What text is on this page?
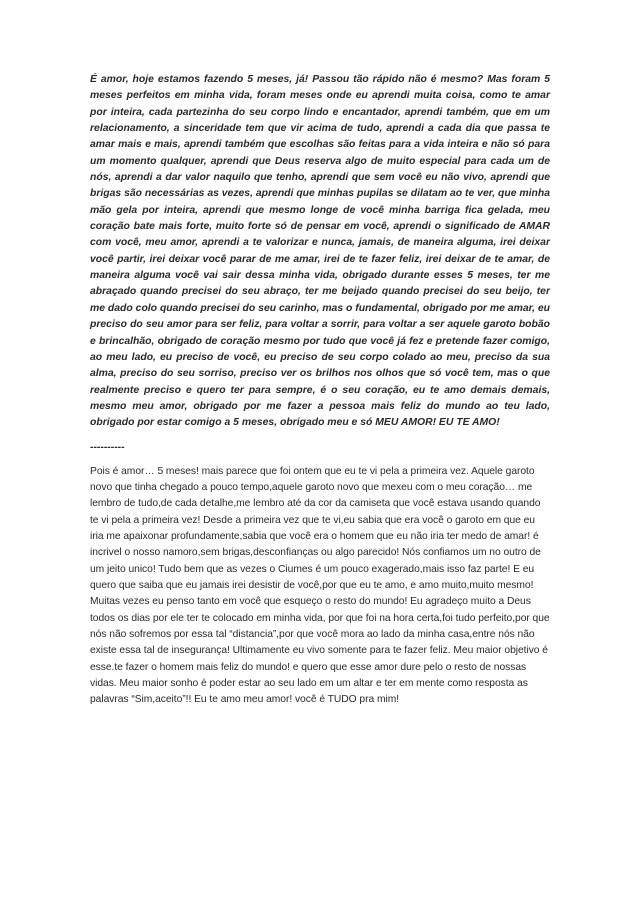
É amor, hoje estamos fazendo 5 meses, já! Passou tão rápido não é mesmo? Mas foram 5 meses perfeitos em minha vida, foram meses onde eu aprendi muita coisa, como te amar por inteira, cada partezinha do seu corpo lindo e encantador, aprendi também, que em um relacionamento, a sinceridade tem que vir acima de tudo, aprendi a cada dia que passa te amar mais e mais, aprendi também que escolhas são feitas para a vida inteira e não só para um momento qualquer, aprendi que Deus reserva algo de muito especial para cada um de nós, aprendi a dar valor naquilo que tenho, aprendi que sem você eu não vivo, aprendi que brigas são necessárias as vezes, aprendi que minhas pupilas se dilatam ao te ver, que minha mão gela por inteira, aprendi que mesmo longe de você minha barriga fica gelada, meu coração bate mais forte, muito forte só de pensar em você, aprendi o significado de AMAR com você, meu amor, aprendi a te valorizar e nunca, jamais, de maneira alguma, irei deixar você partir, irei deixar você parar de me amar, irei de te fazer feliz, irei deixar de te amar, de maneira alguma você vai sair dessa minha vida, obrigado durante esses 5 meses, ter me abraçado quando precisei do seu abraço, ter me beijado quando precisei do seu beijo, ter me dado colo quando precisei do seu carinho, mas o fundamental, obrigado por me amar, eu preciso do seu amor para ser feliz, para voltar a sorrir, para voltar a ser aquele garoto bobão e brincalhão, obrigado de coração mesmo por tudo que você já fez e pretende fazer comigo, ao meu lado, eu preciso de você, eu preciso de seu corpo colado ao meu, preciso da sua alma, preciso do seu sorriso, preciso ver os brilhos nos olhos que só você tem, mas o que realmente preciso e quero ter para sempre, é o seu coração, eu te amo demais demais, mesmo meu amor, obrigado por me fazer a pessoa mais feliz do mundo ao teu lado, obrigado por estar comigo a 5 meses, obrigado meu e só MEU AMOR! EU TE AMO!

----------

Pois é amor… 5 meses! mais parece que foi ontem que eu te vi pela a primeira vez. Aquele garoto novo que tinha chegado a pouco tempo,aquele garoto novo que mexeu com o meu coração… me lembro de tudo,de cada detalhe,me lembro até da cor da camiseta que você estava usando quando te vi pela a primeira vez! Desde a primeira vez que te vi,eu sabia que era você o garoto em que eu iria me apaixonar profundamente,sabia que você era o homem que eu não iria ter medo de amar! é incrivel o nosso namoro,sem brigas,desconfianças ou algo parecido! Nós confiamos um no outro de um jeito unico! Tudo bem que as vezes o Ciumes é um pouco exagerado,mais isso faz parte! E eu quero que saiba que eu jamais irei desistir de você,por que eu te amo, e amo muito,muito mesmo! Muitas vezes eu penso tanto em você que esqueço o resto do mundo! Eu agradeço muito a Deus todos os dias por ele ter te colocado em minha vida, por que foi na hora certa,foi tudo perfeito,por que nós não sofremos por essa tal “distancia”,por que você mora ao lado da minha casa,entre nós não existe essa tal de insegurança! Ultimamente eu vivo somente para te fazer feliz. Meu maior objetivo é esse.te fazer o homem mais feliz do mundo! e quero que esse amor dure pelo o resto de nossas vidas. Meu maior sonho é poder estar ao seu lado em um altar e ter em mente como resposta as palavras “Sim,aceito”!! Eu te amo meu amor! você é TUDO pra mim!
